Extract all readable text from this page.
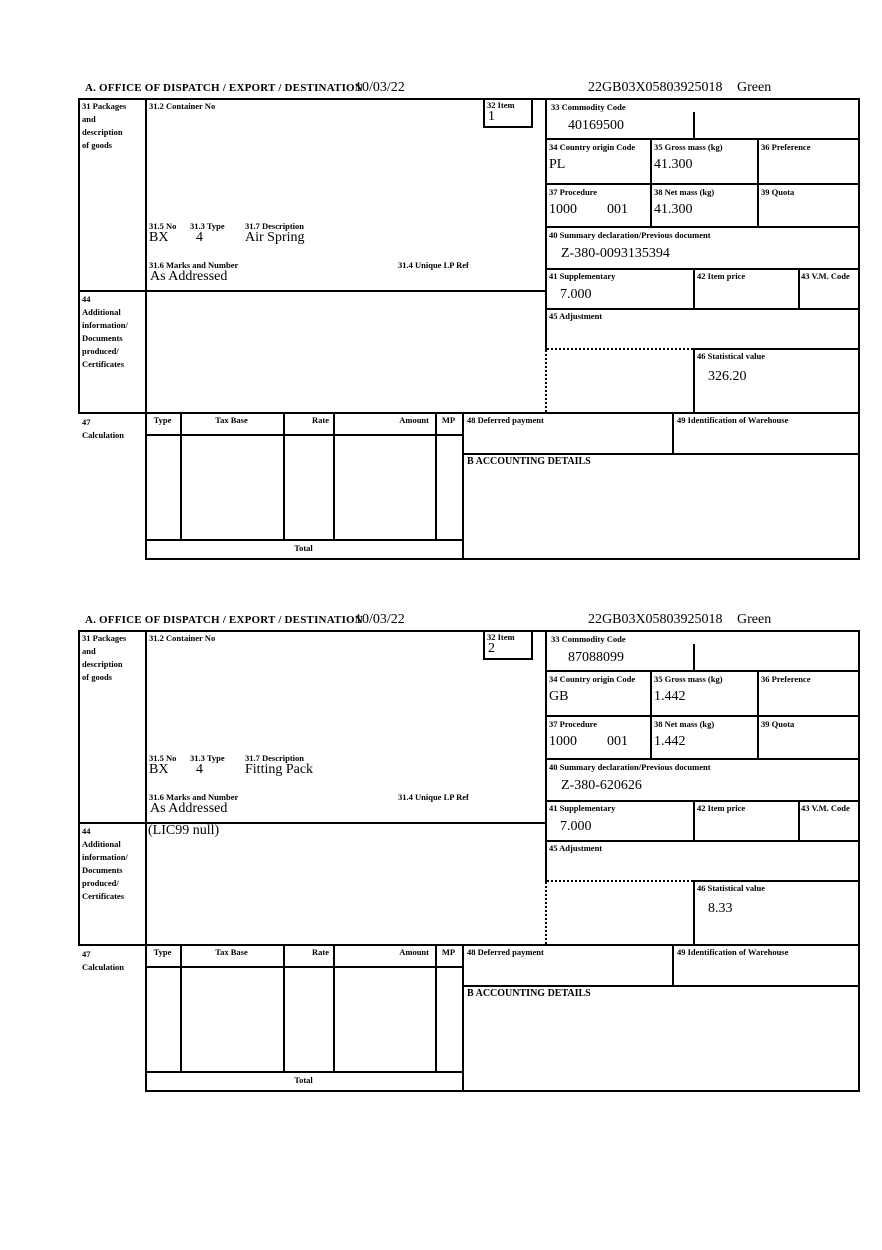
A. OFFICE OF DISPATCH / EXPORT / DESTINATION
10/03/22	22GB03X05803925018 Green
31 Packages
and
description
of goods
31.2 Container No	32 Item
1
33 Commodity Code
40169500
34 Country origin Code
PL
35 Gross mass (kg)
41.300
36 Preference
37 Procedure
1000 001
38 Net mass (kg)
41.300
39 Quota
40 Summary declaration/Previous document
Z-380-0093135394
31.5 No 31.3 Type 31.7 Description
BX 4	Air Spring
31.6 Marks and Number	31.4 Unique LP Ref
As Addressed
44
Additional
information/
Documents
produced/
Certificates
41 Supplementary
7.000
42 Item price	43 V.M. Code
45 Adjustment
46 Statistical value
326.20
47
Calculation
Type	Tax Base	Rate	Amount	MP
Total
48 Deferred payment	49 Identification of Warehouse
B ACCOUNTING DETAILS
A. OFFICE OF DISPATCH / EXPORT / DESTINATION
10/03/22	22GB03X05803925018 Green
31 Packages
and
description
of goods
31.2 Container No	32 Item
2
33 Commodity Code
87088099
34 Country origin Code
GB
35 Gross mass (kg)
1.442
36 Preference
37 Procedure
1000 001
38 Net mass (kg)
1.442
39 Quota
40 Summary declaration/Previous document
Z-380-620626
31.5 No 31.3 Type 31.7 Description
BX 4	Fitting Pack
31.6 Marks and Number	31.4 Unique LP Ref
As Addressed
44
Additional
information/
Documents
produced/
Certificates
(LIC99 null)
41 Supplementary
7.000
42 Item price	43 V.M. Code
45 Adjustment
46 Statistical value
8.33
47
Calculation
Type	Tax Base	Rate	Amount	MP
Total
48 Deferred payment	49 Identification of Warehouse
B ACCOUNTING DETAILS
